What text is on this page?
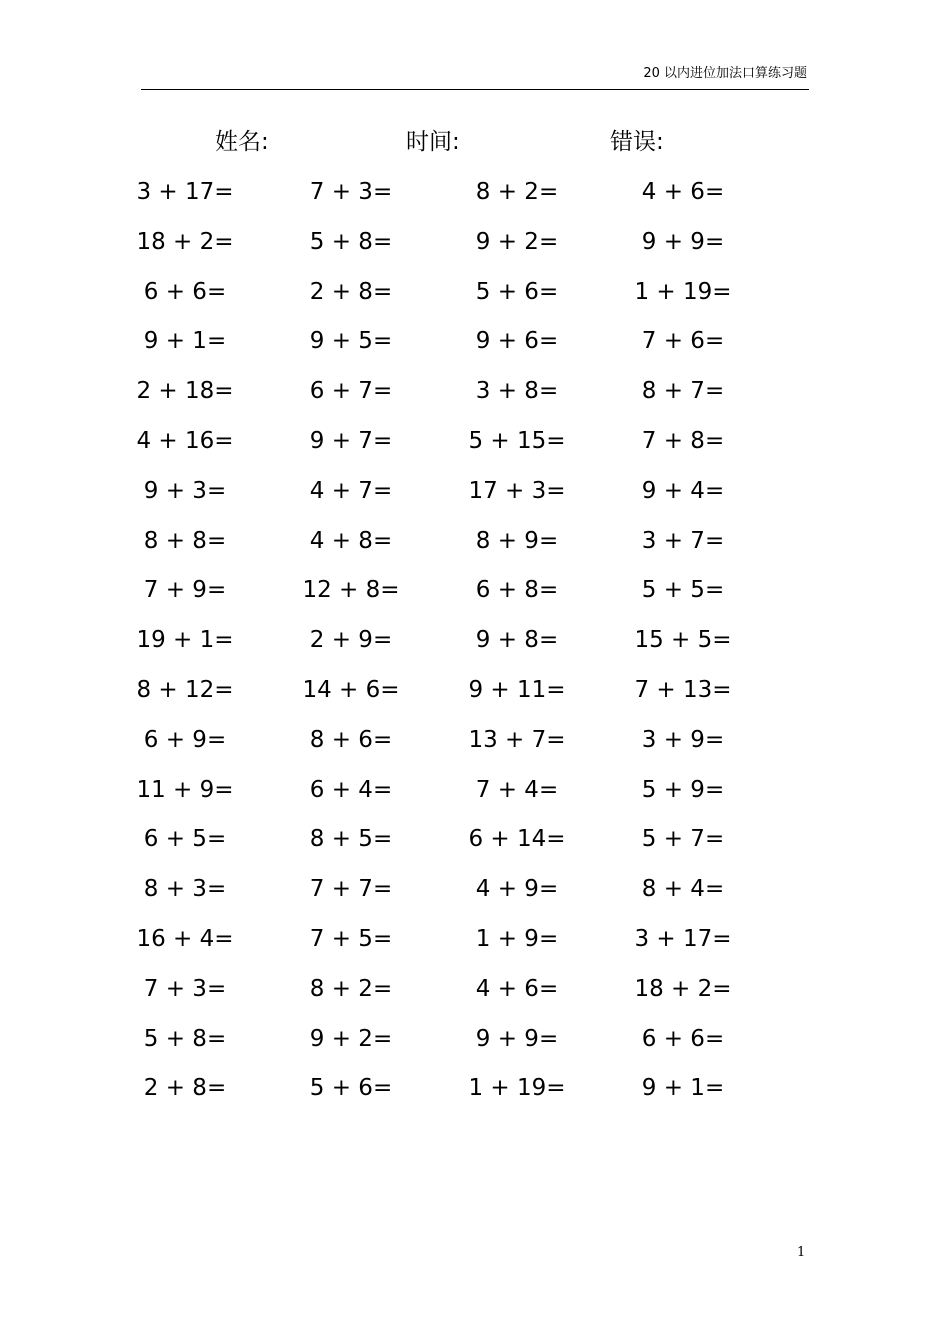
20 以内进位加法口算练习题
姓名:	时间:	错误:
3 + 17=	7 + 3=	8 + 2=	4 + 6=
18 + 2=	5 + 8=	9 + 2=	9 + 9=
6 + 6=	2 + 8=	5 + 6=	1 + 19=
9 + 1=	9 + 5=	9 + 6=	7 + 6=
2 + 18=	6 + 7=	3 + 8=	8 + 7=
4 + 16=	9 + 7=	5 + 15=	7 + 8=
9 + 3=	4 + 7=	17 + 3=	9 + 4=
8 + 8=	4 + 8=	8 + 9=	3 + 7=
7 + 9=	12 + 8=	6 + 8=	5 + 5=
19 + 1=	2 + 9=	9 + 8=	15 + 5=
8 + 12=	14 + 6=	9 + 11=	7 + 13=
6 + 9=	8 + 6=	13 + 7=	3 + 9=
11 + 9=	6 + 4=	7 + 4=	5 + 9=
6 + 5=	8 + 5=	6 + 14=	5 + 7=
8 + 3=	7 + 7=	4 + 9=	8 + 4=
16 + 4=	7 + 5=	1 + 9=	3 + 17=
7 + 3=	8 + 2=	4 + 6=	18 + 2=
5 + 8=	9 + 2=	9 + 9=	6 + 6=
2 + 8=	5 + 6=	1 + 19=	9 + 1=
1
